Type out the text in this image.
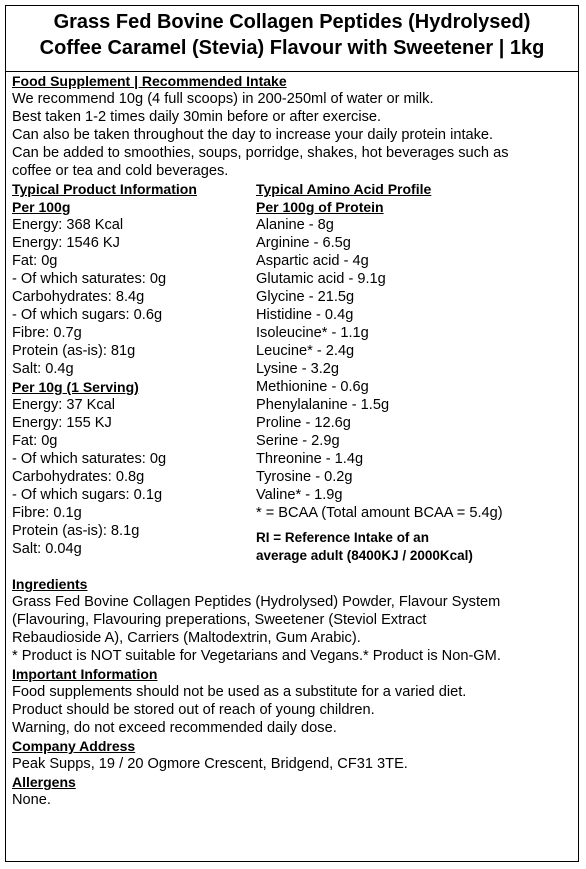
Grass Fed Bovine Collagen Peptides (Hydrolysed)
Coffee Caramel (Stevia) Flavour with Sweetener | 1kg
Food Supplement | Recommended Intake
We recommend 10g (4 full scoops) in 200-250ml of water or milk.
Best taken 1-2 times daily 30min before or after exercise.
Can also be taken throughout the day to increase your daily protein intake.
Can be added to smoothies, soups, porridge, shakes, hot beverages such as
coffee or tea and cold beverages.
Typical Product Information
Per 100g
Energy: 368 Kcal
Energy: 1546 KJ
Fat: 0g
- Of which saturates: 0g
Carbohydrates: 8.4g
- Of which sugars: 0.6g
Fibre: 0.7g
Protein (as-is): 81g
Salt: 0.4g
Per 10g (1 Serving)
Energy: 37 Kcal
Energy: 155 KJ
Fat: 0g
- Of which saturates: 0g
Carbohydrates: 0.8g
- Of which sugars: 0.1g
Fibre: 0.1g
Protein (as-is): 8.1g
Salt: 0.04g
Typical Amino Acid Profile
Per 100g of Protein
Alanine - 8g
Arginine - 6.5g
Aspartic acid - 4g
Glutamic acid - 9.1g
Glycine - 21.5g
Histidine - 0.4g
Isoleucine* - 1.1g
Leucine* - 2.4g
Lysine - 3.2g
Methionine - 0.6g
Phenylalanine - 1.5g
Proline - 12.6g
Serine - 2.9g
Threonine - 1.4g
Tyrosine - 0.2g
Valine* - 1.9g
* = BCAA (Total amount BCAA = 5.4g)
RI = Reference Intake of an
average adult (8400KJ / 2000Kcal)
Ingredients
Grass Fed Bovine Collagen Peptides (Hydrolysed) Powder, Flavour System
(Flavouring, Flavouring preperations, Sweetener (Steviol Extract
Rebaudioside A), Carriers (Maltodextrin, Gum Arabic).
* Product is NOT suitable for Vegetarians and Vegans.* Product is Non-GM.
Important Information
Food supplements should not be used as a substitute for a varied diet.
Product should be stored out of reach of young children.
Warning, do not exceed recommended daily dose.
Company Address
Peak Supps, 19 / 20 Ogmore Crescent, Bridgend, CF31 3TE.
Allergens
None.
